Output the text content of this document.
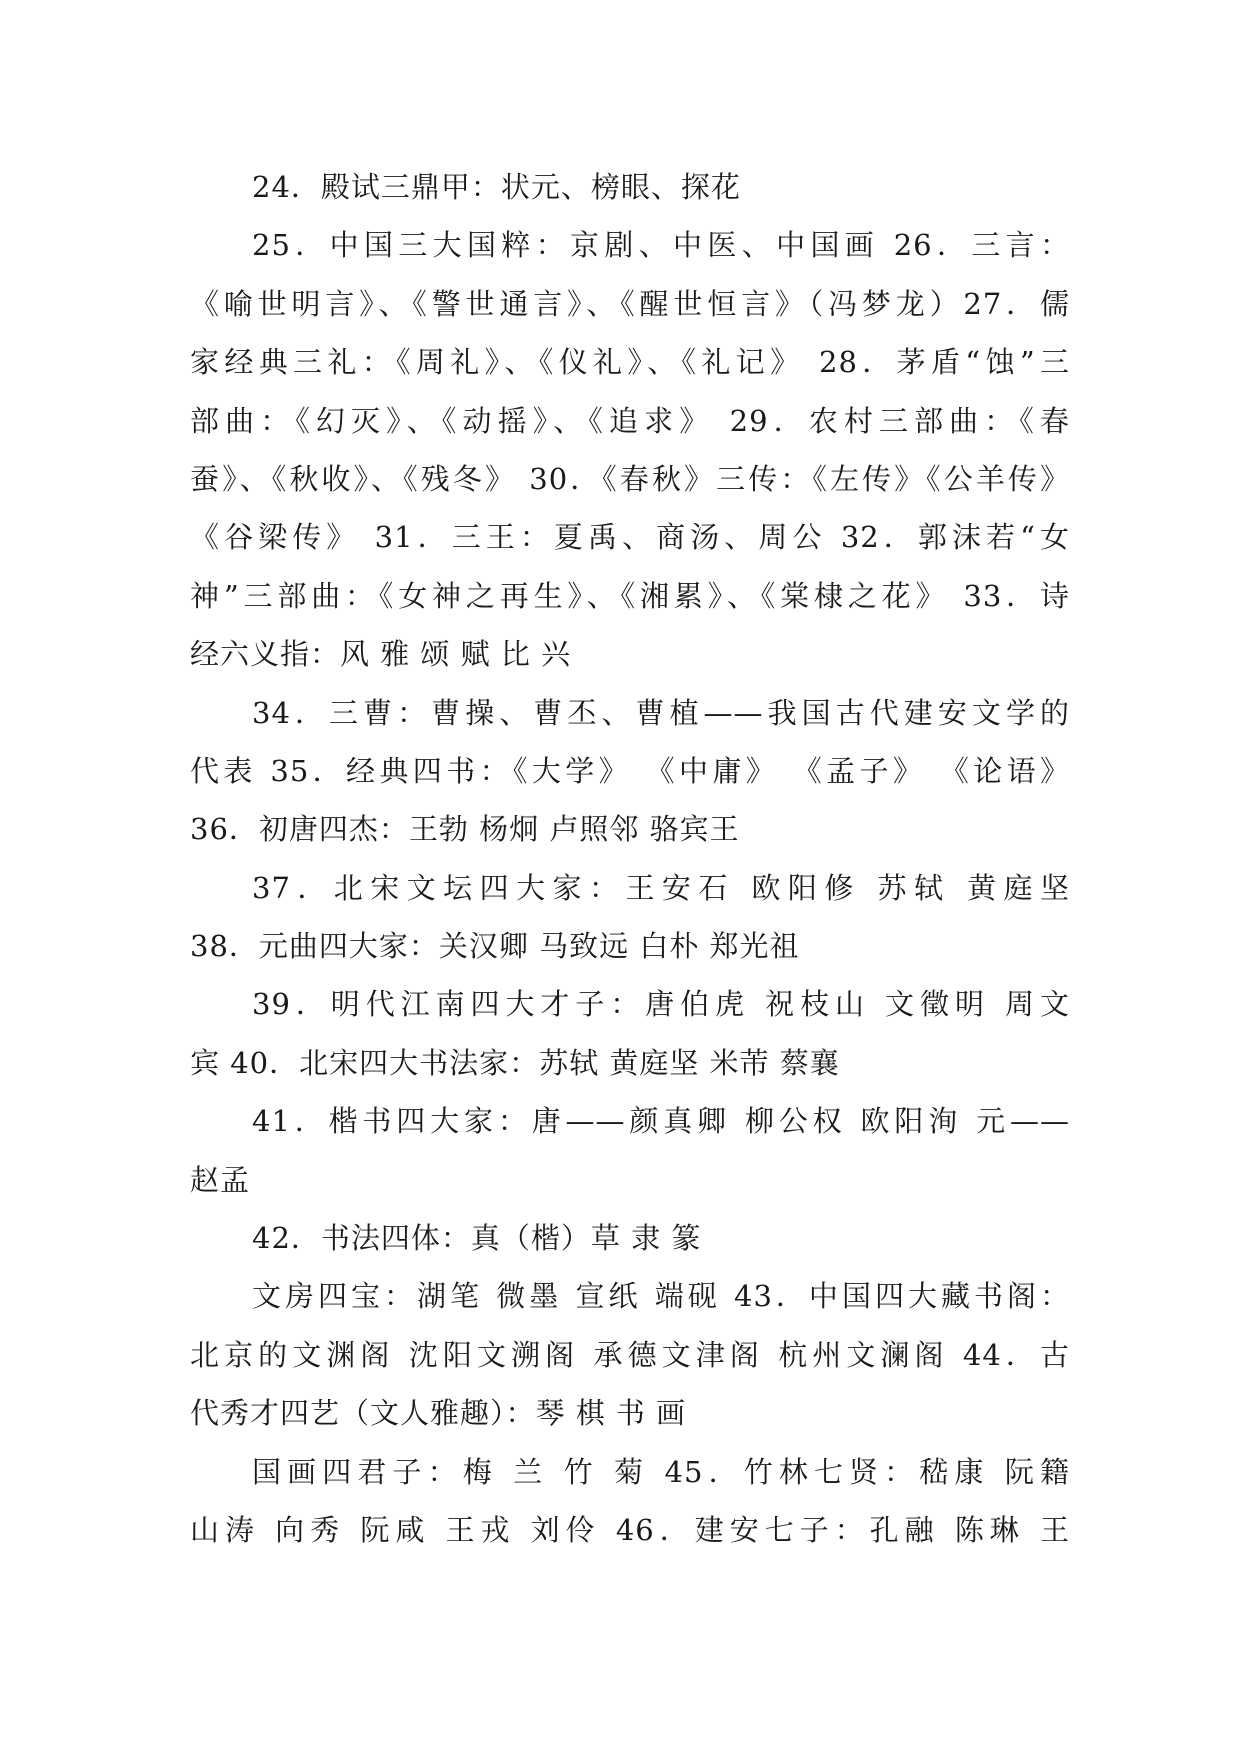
24．殿试三鼎甲：状元、榜眼、探花
25．中国三大国粹：京剧、中医、中国画 26．三言：
《喻世明言》、《警世通言》、《醒世恒言》（冯梦龙）27．儒
家经典三礼：《周礼》、《仪礼》、《礼记》 28．茅盾“蚀”三
部曲：《幻灭》、《动摇》、《追求》 29．农村三部曲：《春
蚕》、《秋收》、《残冬》 30．《春秋》三传：《左传》《公羊传》
《谷梁传》 31．三王：夏禹、商汤、周公 32．郭沫若“女
神”三部曲：《女神之再生》、《湘累》、《棠棣之花》 33．诗
经六义指：风 雅 颂 赋 比 兴
34．三曹：曹操、曹丕、曹植——我国古代建安文学的
代表 35．经典四书：《大学》 《中庸》 《孟子》 《论语》
36．初唐四杰：王勃 杨炯 卢照邻 骆宾王
37．北宋文坛四大家：王安石 欧阳修 苏轼 黄庭坚
38．元曲四大家：关汉卿 马致远 白朴 郑光祖
39．明代江南四大才子：唐伯虎 祝枝山 文徵明 周文
宾 40．北宋四大书法家：苏轼 黄庭坚 米芾 蔡襄
41．楷书四大家：唐——颜真卿 柳公权 欧阳洵 元——
赵孟
42．书法四体：真（楷）草 隶 篆
文房四宝：湖笔 微墨 宣纸 端砚 43．中国四大藏书阁：
北京的文渊阁 沈阳文溯阁 承德文津阁 杭州文澜阁 44．古
代秀才四艺（文人雅趣）：琴 棋 书 画
国画四君子：梅 兰 竹 菊 45．竹林七贤：嵇康 阮籍
山涛 向秀 阮咸 王戎 刘伶 46．建安七子：孔融 陈琳 王
